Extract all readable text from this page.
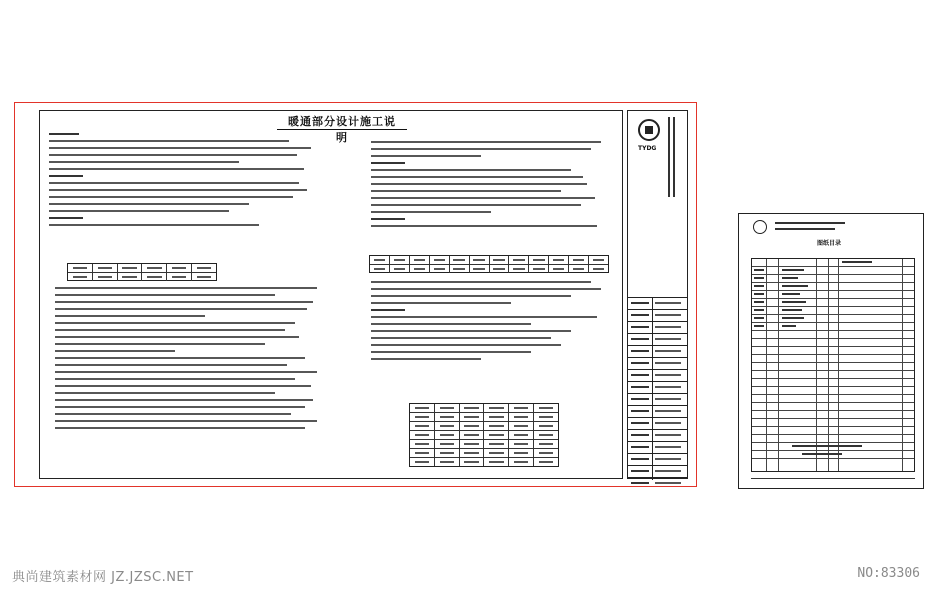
暖通部分设计施工说明
TYDG
图纸目录
典尚建筑素材网 JZ.JZSC.NET	NO:83306
